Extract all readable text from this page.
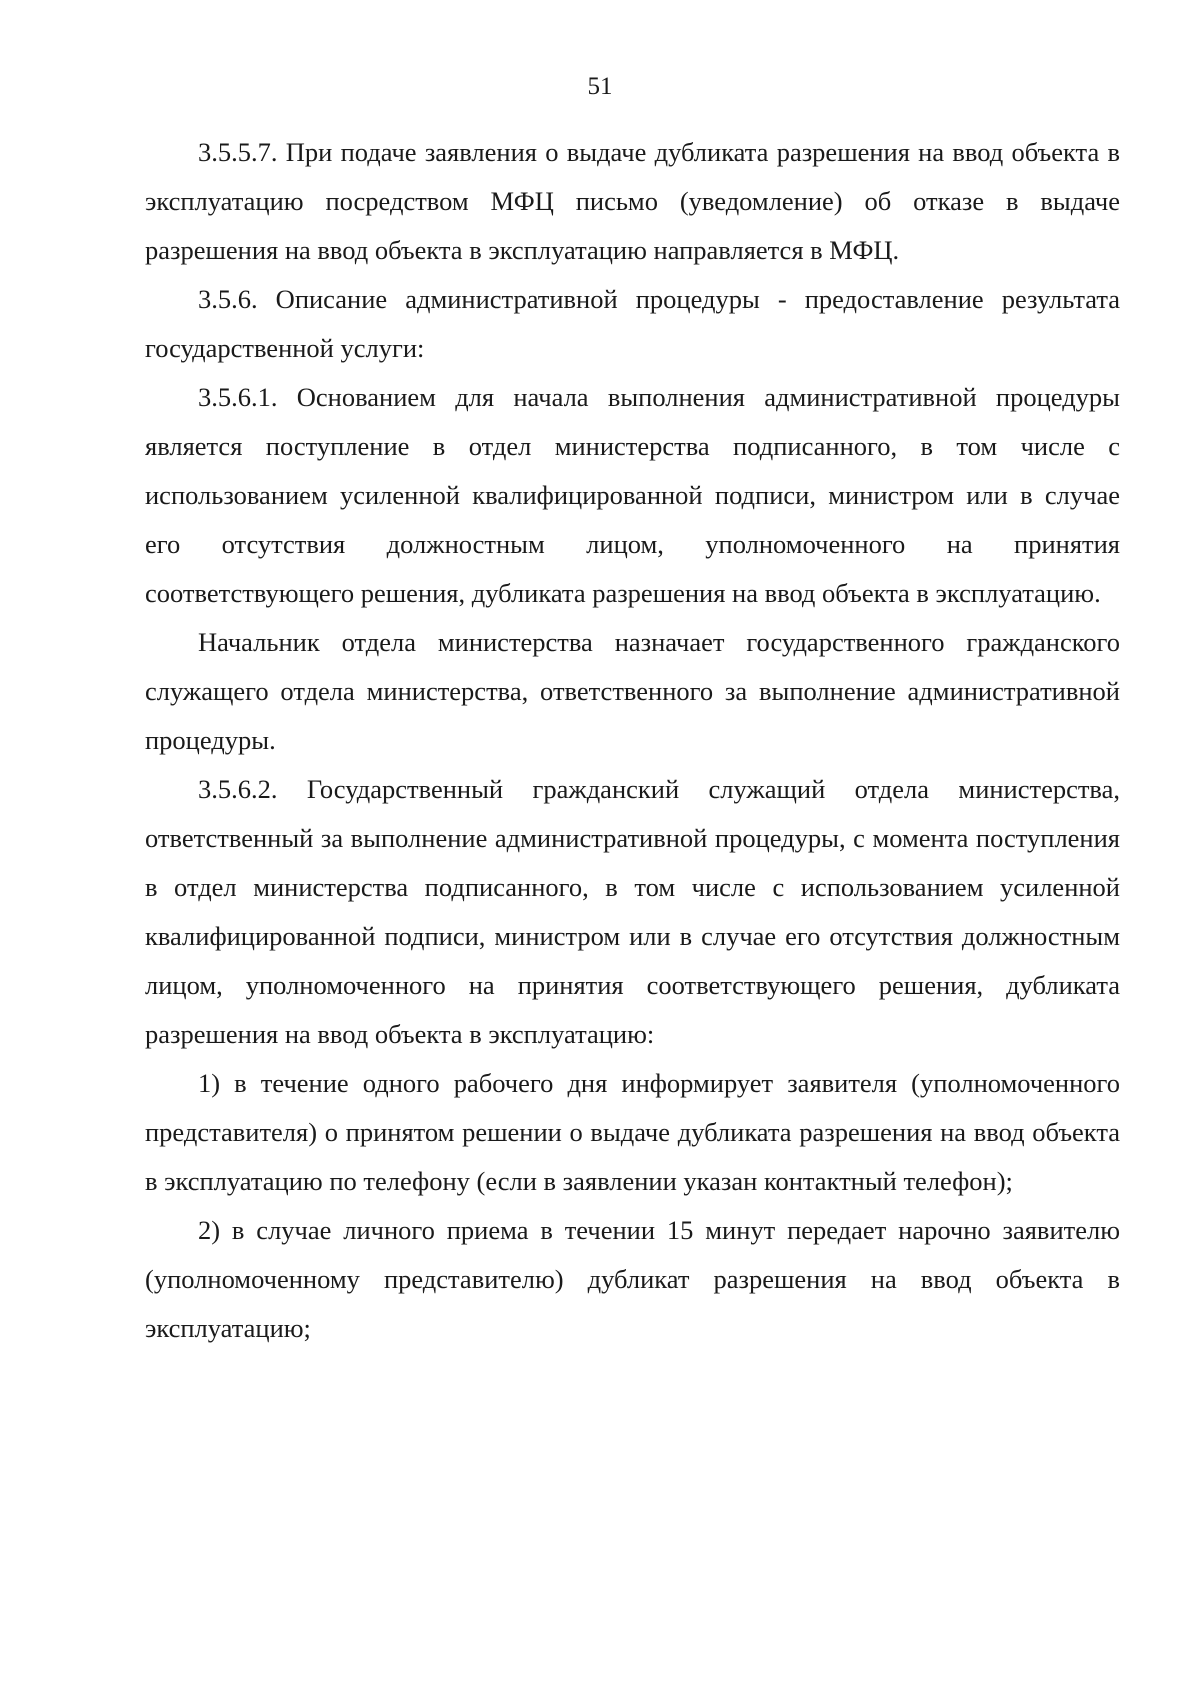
51

3.5.5.7. При подаче заявления о выдаче дубликата разрешения на ввод объекта в эксплуатацию посредством МФЦ письмо (уведомление) об отказе в выдаче разрешения на ввод объекта в эксплуатацию направляется в МФЦ.

3.5.6. Описание административной процедуры - предоставление результата государственной услуги:

3.5.6.1. Основанием для начала выполнения административной процедуры является поступление в отдел министерства подписанного, в том числе с использованием усиленной квалифицированной подписи, министром или в случае его отсутствия должностным лицом, уполномоченного на принятия соответствующего решения, дубликата разрешения на ввод объекта в эксплуатацию.

Начальник отдела министерства назначает государственного гражданского служащего отдела министерства, ответственного за выполнение административной процедуры.

3.5.6.2. Государственный гражданский служащий отдела министерства, ответственный за выполнение административной процедуры, с момента поступления в отдел министерства подписанного, в том числе с использованием усиленной квалифицированной подписи, министром или в случае его отсутствия должностным лицом, уполномоченного на принятия соответствующего решения, дубликата разрешения на ввод объекта в эксплуатацию:

1) в течение одного рабочего дня информирует заявителя (уполномоченного представителя) о принятом решении о выдаче дубликата разрешения на ввод объекта в эксплуатацию по телефону (если в заявлении указан контактный телефон);

2) в случае личного приема в течении 15 минут передает нарочно заявителю (уполномоченному представителю) дубликат разрешения на ввод объекта в эксплуатацию;
